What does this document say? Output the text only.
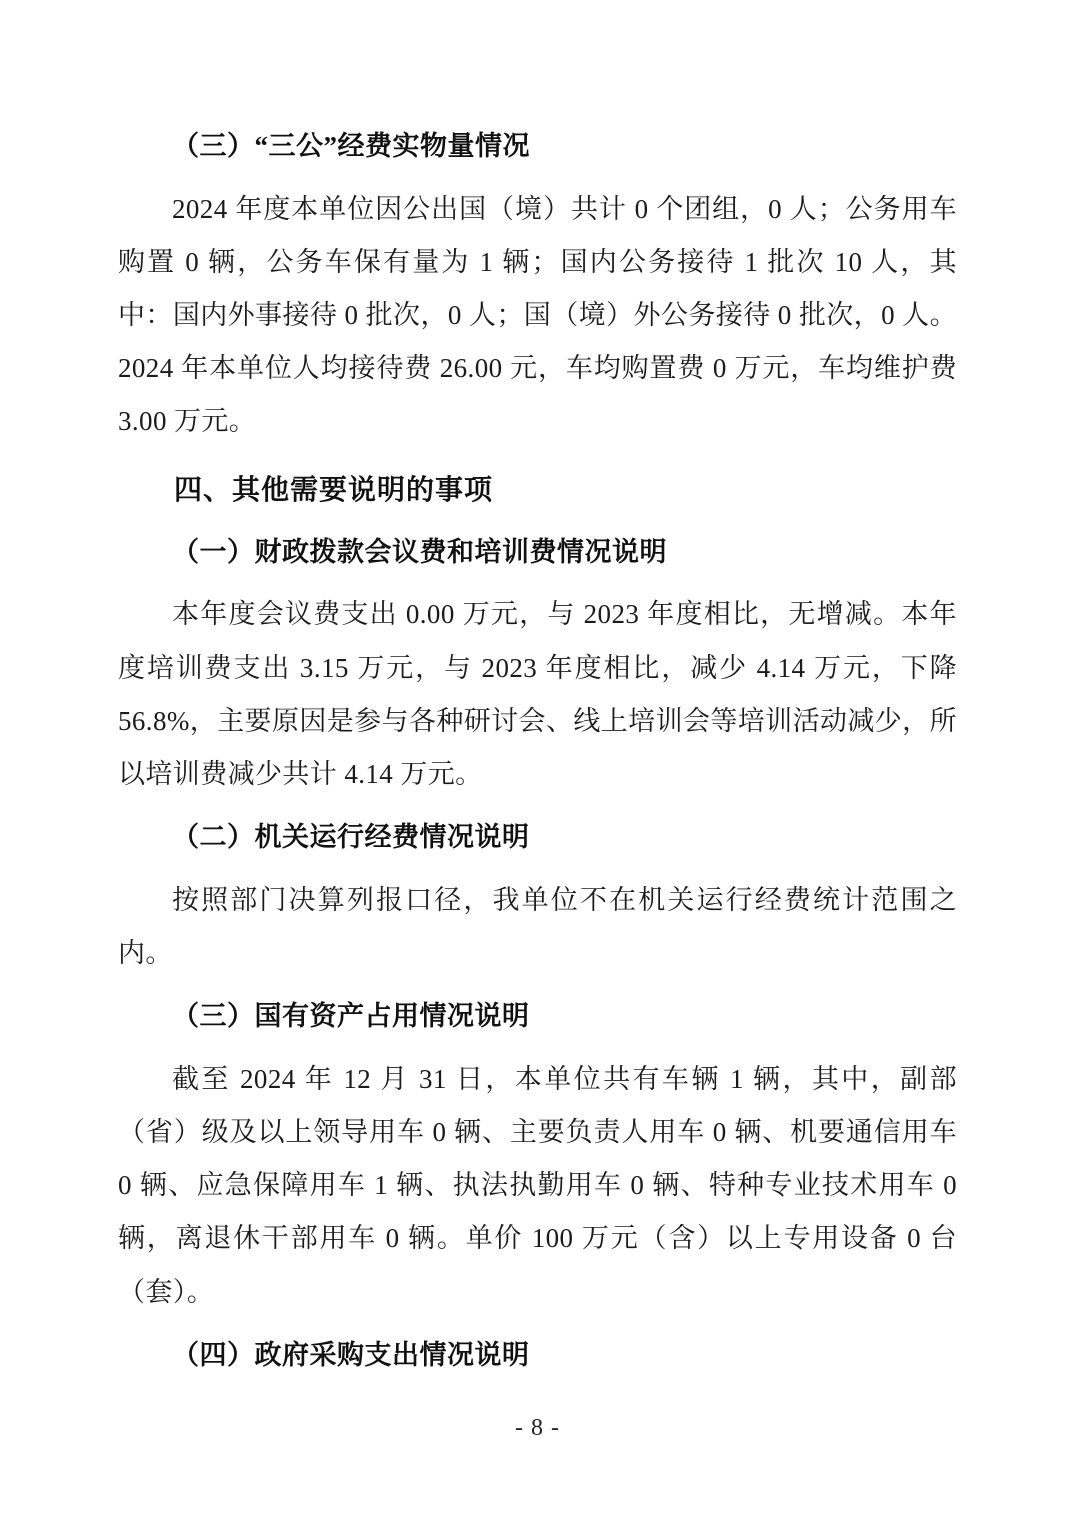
（三）“三公”经费实物量情况

2024 年度本单位因公出国（境）共计 0 个团组，0 人；公务用车购置 0 辆，公务车保有量为 1 辆；国内公务接待 1 批次 10 人，其中：国内外事接待 0 批次，0 人；国（境）外公务接待 0 批次，0 人。2024 年本单位人均接待费 26.00 元，车均购置费 0 万元，车均维护费 3.00 万元。

四、其他需要说明的事项
（一）财政拨款会议费和培训费情况说明

本年度会议费支出 0.00 万元，与 2023 年度相比，无增减。本年度培训费支出 3.15 万元，与 2023 年度相比，减少 4.14 万元，下降 56.8%，主要原因是参与各种研讨会、线上培训会等培训活动减少，所以培训费减少共计 4.14 万元。

（二）机关运行经费情况说明

按照部门决算列报口径，我单位不在机关运行经费统计范围之内。

（三）国有资产占用情况说明

截至 2024 年 12 月 31 日，本单位共有车辆 1 辆，其中，副部（省）级及以上领导用车 0 辆、主要负责人用车 0 辆、机要通信用车 0 辆、应急保障用车 1 辆、执法执勤用车 0 辆、特种专业技术用车 0 辆，离退休干部用车 0 辆。单价 100 万元（含）以上专用设备 0 台（套）。

（四）政府采购支出情况说明
- 8 -
